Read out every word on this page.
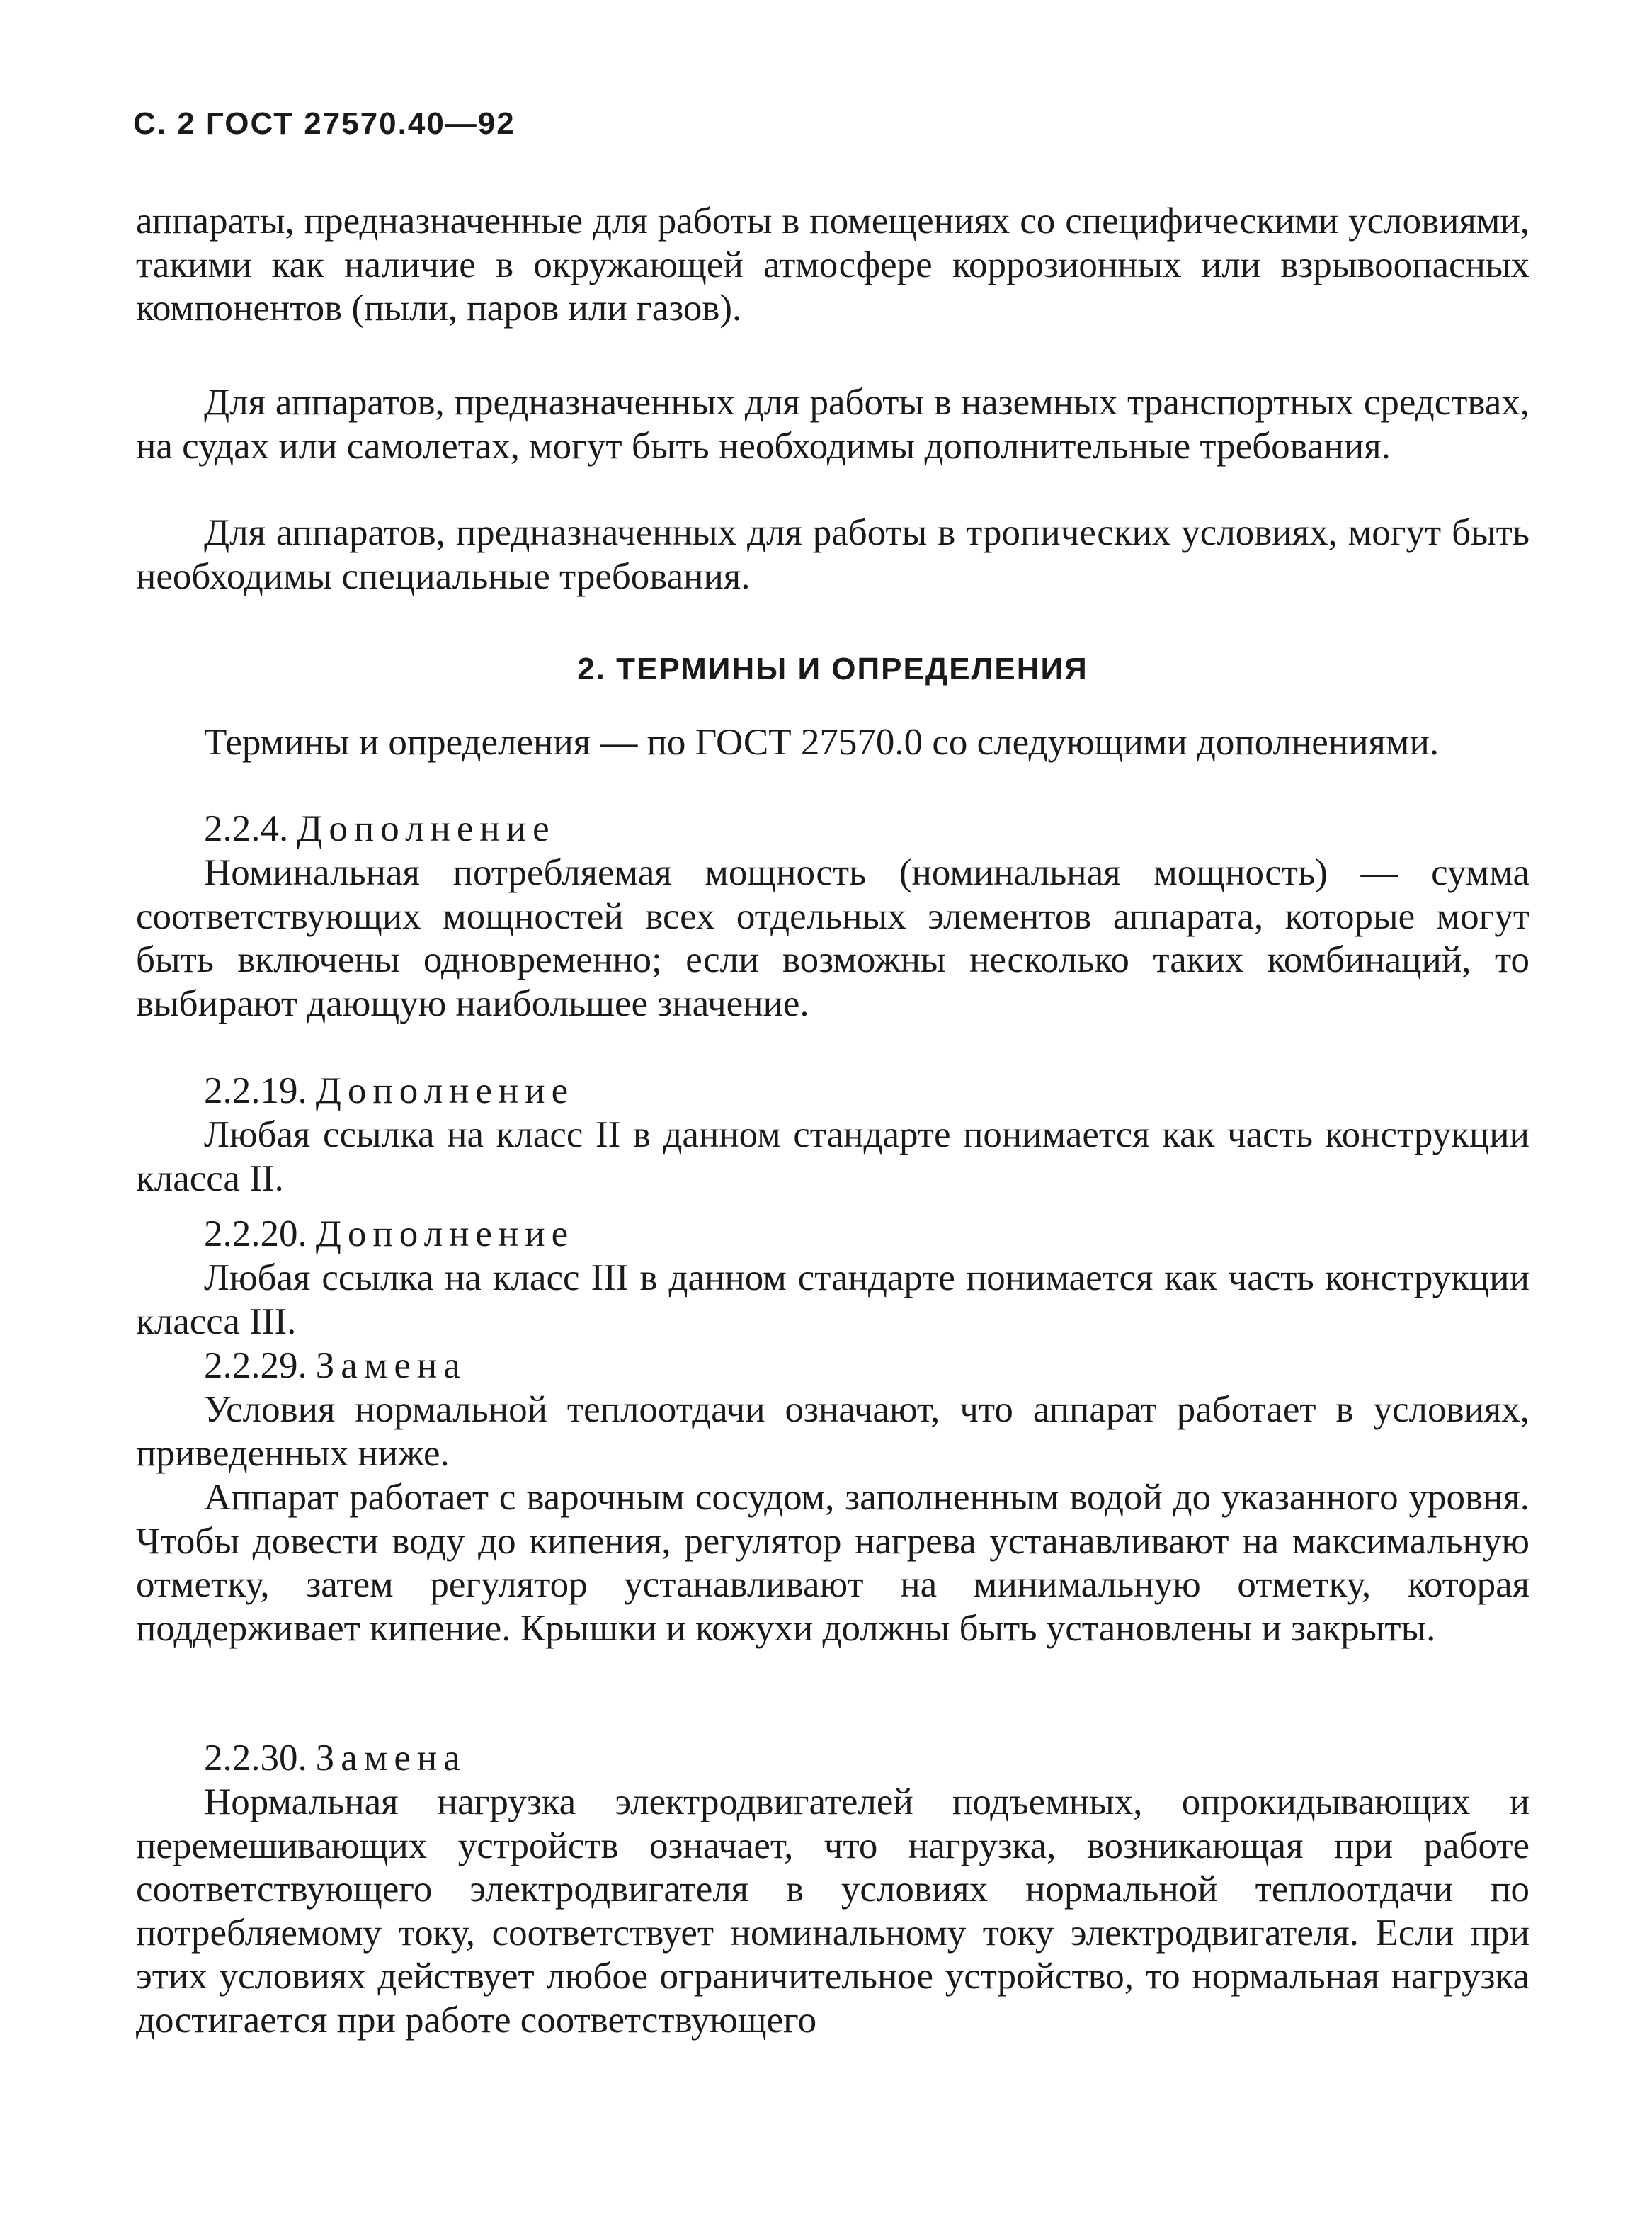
С. 2 ГОСТ 27570.40—92
аппараты, предназначенные для работы в помещениях со специфическими условиями, такими как наличие в окружающей атмосфере коррозионных или взрывоопасных компонентов (пыли, паров или газов).
Для аппаратов, предназначенных для работы в наземных транспортных средствах, на судах или самолетах, могут быть необходимы дополнительные требования.
Для аппаратов, предназначенных для работы в тропических условиях, могут быть необходимы специальные требования.
2. ТЕРМИНЫ И ОПРЕДЕЛЕНИЯ
Термины и определения — по ГОСТ 27570.0 со следующими дополнениями.
2.2.4. Дополнение
Номинальная потребляемая мощность (номинальная мощность) — сумма соответствующих мощностей всех отдельных элементов аппарата, которые могут быть включены одновременно; если возможны несколько таких комбинаций, то выбирают дающую наибольшее значение.
2.2.19. Дополнение
Любая ссылка на класс II в данном стандарте понимается как часть конструкции класса II.
2.2.20. Дополнение
Любая ссылка на класс III в данном стандарте понимается как часть конструкции класса III.
2.2.29. Замена
Условия нормальной теплоотдачи означают, что аппарат работает в условиях, приведенных ниже.
Аппарат работает с варочным сосудом, заполненным водой до указанного уровня. Чтобы довести воду до кипения, регулятор нагрева устанавливают на максимальную отметку, затем регулятор устанавливают на минимальную отметку, которая поддерживает кипение. Крышки и кожухи должны быть установлены и закрыты.
2.2.30. Замена
Нормальная нагрузка электродвигателей подъемных, опрокидывающих и перемешивающих устройств означает, что нагрузка, возникающая при работе соответствующего электродвигателя в условиях нормальной теплоотдачи по потребляемому току, соответствует номинальному току электродвигателя. Если при этих условиях действует любое ограничительное устройство, то нормальная нагрузка достигается при работе соответствующего
